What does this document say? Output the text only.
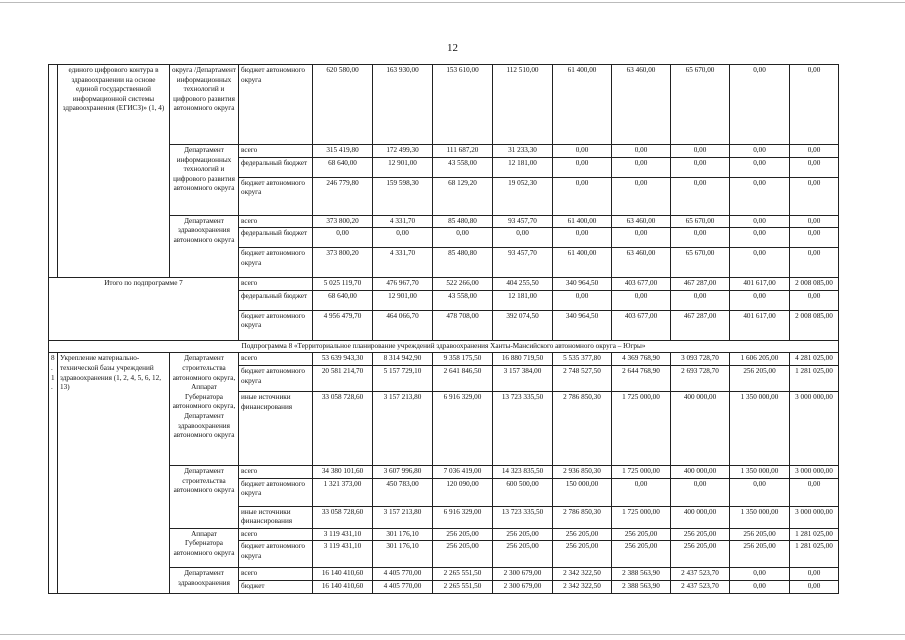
12
	единого цифрового контура в здравоохранении на основе единой государственной информационной системы здравоохранения (ЕГИСЗ)» (1, 4)	округа /Департамент информационных технологий и цифрового развития автономного округа	бюджет автономного округа	620 580,00	163 930,00	153 610,00	112 510,00	61 400,00	63 460,00	65 670,00	0,00	0,00
		Департамент информационных технологий и цифрового развития автономного округа	всего	315 419,80	172 499,30	111 687,20	31 233,30	0,00	0,00	0,00	0,00	0,00
			федеральный бюджет	68 640,00	12 901,00	43 558,00	12 181,00	0,00	0,00	0,00	0,00	0,00
			бюджет автономного округа	246 779,80	159 598,30	68 129,20	19 052,30	0,00	0,00	0,00	0,00	0,00
		Департамент здравоохранения автономного округа	всего	373 800,20	4 331,70	85 480,80	93 457,70	61 400,00	63 460,00	65 670,00	0,00	0,00
			федеральный бюджет	0,00	0,00	0,00	0,00	0,00	0,00	0,00	0,00	0,00
			бюджет автономного округа	373 800,20	4 331,70	85 480,80	93 457,70	61 400,00	63 460,00	65 670,00	0,00	0,00
Итого по подпрограмме 7			всего	5 025 119,70	476 967,70	522 266,00	404 255,50	340 964,50	403 677,00	467 287,00	401 617,00	2 008 085,00
			федеральный бюджет	68 640,00	12 901,00	43 558,00	12 181,00	0,00	0,00	0,00	0,00	0,00
			бюджет автономного округа	4 956 479,70	464 066,70	478 708,00	392 074,50	340 964,50	403 677,00	467 287,00	401 617,00	2 008 085,00
Подпрограмма 8 «Территориальное планирование учреждений здравоохранения Ханты-Мансийского автономного округа – Югры»												
8.1.	Укрепление материально-технической базы учреждений здравоохранения (1, 2, 4, 5, 6, 12, 13)	Департамент строительства автономного округа, Аппарат Губернатора автономного округа, Департамент здравоохранения автономного округа	всего	53 639 943,30	8 314 942,90	9 358 175,50	16 880 719,50	5 535 377,80	4 369 768,90	3 093 728,70	1 606 205,00	4 281 025,00
			бюджет автономного округа	20 581 214,70	5 157 729,10	2 641 846,50	3 157 384,00	2 748 527,50	2 644 768,90	2 693 728,70	256 205,00	1 281 025,00
			иные источники финансирования	33 058 728,60	3 157 213,80	6 916 329,00	13 723 335,50	2 786 850,30	1 725 000,00	400 000,00	1 350 000,00	3 000 000,00
		Департамент строительства автономного округа	всего	34 380 101,60	3 607 996,80	7 036 419,00	14 323 835,50	2 936 850,30	1 725 000,00	400 000,00	1 350 000,00	3 000 000,00
			бюджет автономного округа	1 321 373,00	450 783,00	120 090,00	600 500,00	150 000,00	0,00	0,00	0,00	0,00
			иные источники финансирования	33 058 728,60	3 157 213,80	6 916 329,00	13 723 335,50	2 786 850,30	1 725 000,00	400 000,00	1 350 000,00	3 000 000,00
		Аппарат Губернатора автономного округа	всего	3 119 431,10	301 176,10	256 205,00	256 205,00	256 205,00	256 205,00	256 205,00	256 205,00	1 281 025,00
			бюджет автономного округа	3 119 431,10	301 176,10	256 205,00	256 205,00	256 205,00	256 205,00	256 205,00	256 205,00	1 281 025,00
		Департамент здравоохранения	всего	16 140 410,60	4 405 770,00	2 265 551,50	2 300 679,00	2 342 322,50	2 388 563,90	2 437 523,70	0,00	0,00
			бюджет	16 140 410,60	4 405 770,00	2 265 551,50	2 300 679,00	2 342 322,50	2 388 563,90	2 437 523,70	0,00	0,00
